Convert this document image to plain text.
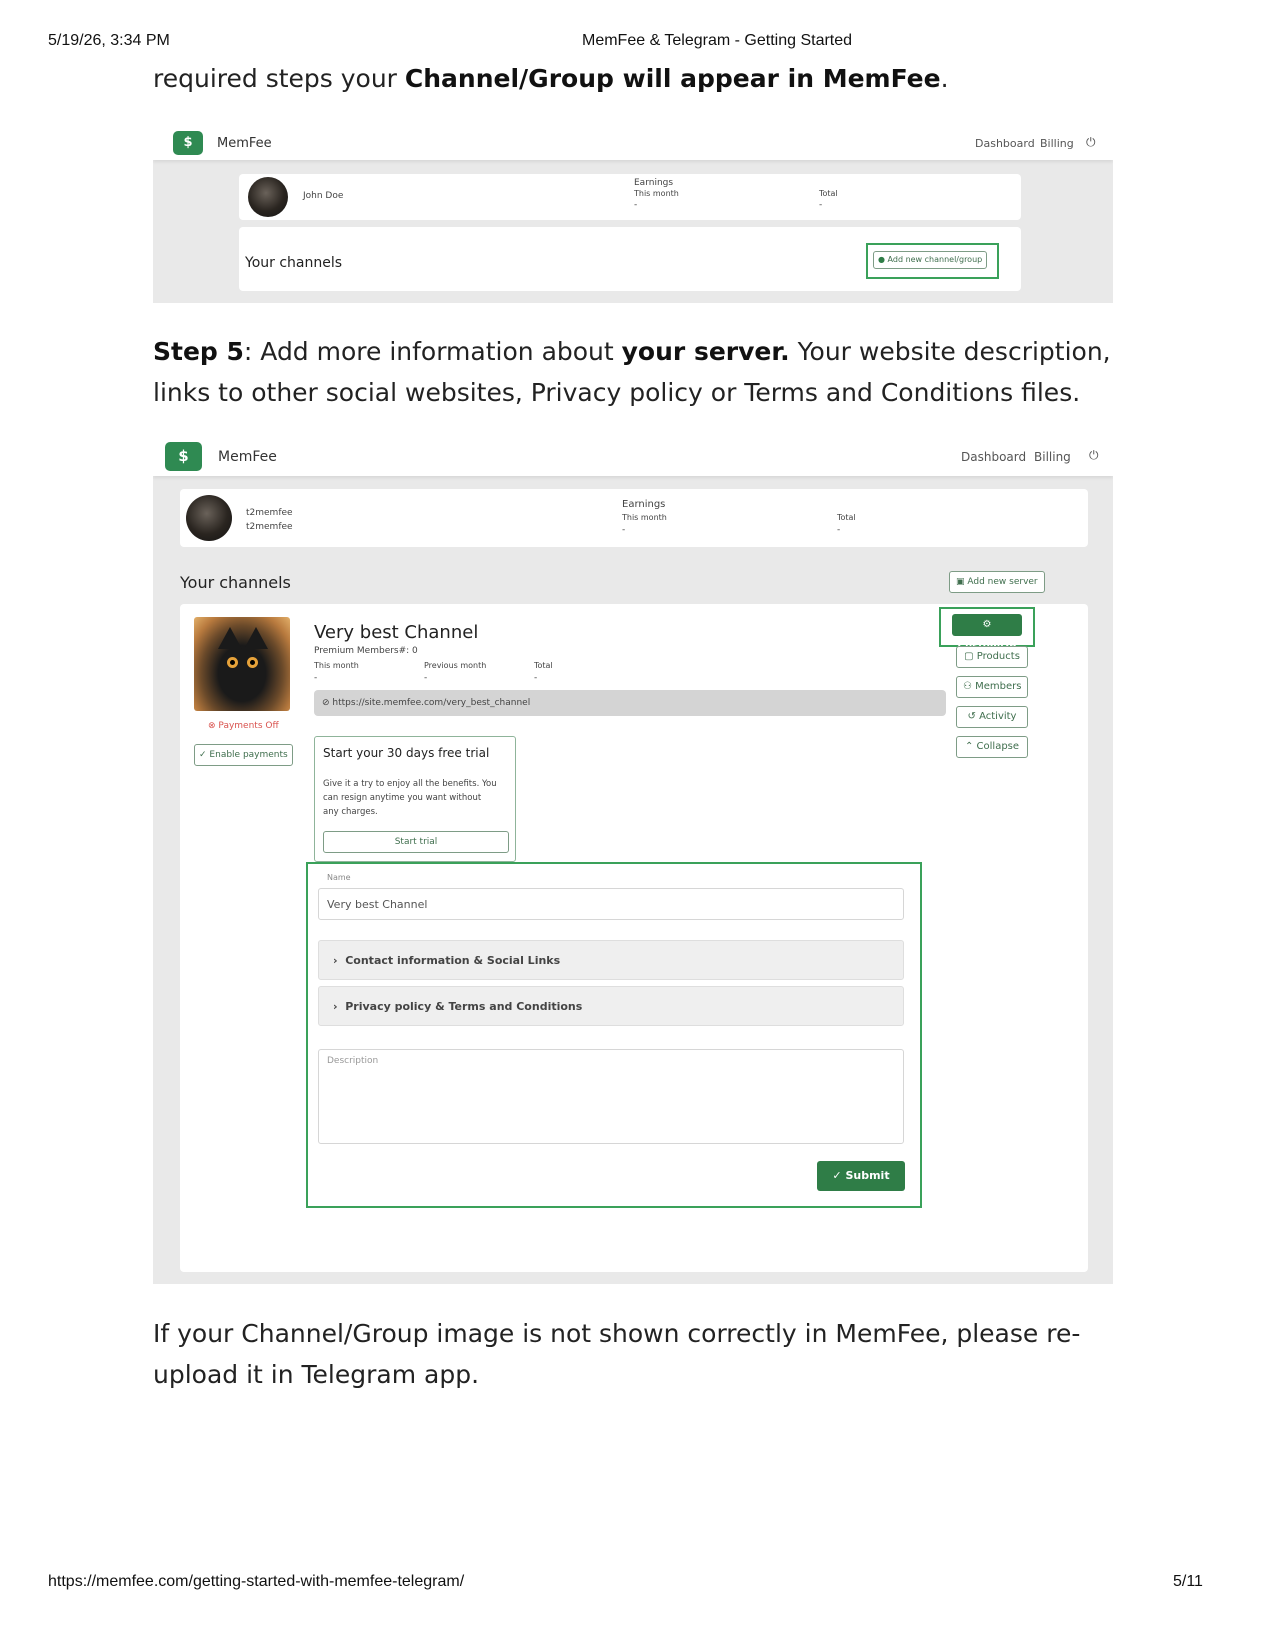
5/19/26, 3:34 PM	MemFee & Telegram - Getting Started
required steps your Channel/Group will appear in MemFee.
$	MemFee	Dashboard Billing ⏻
John Doe
Earnings
This month
-
Total
-
Your channels	● Add new channel/group
Step 5: Add more information about your server. Your website description,
links to other social websites, Privacy policy or Terms and Conditions files.
$	MemFee	Dashboard Billing ⏻
t2memfee
t2memfee
Earnings
This month
-
Total
-
Your channels	▣ Add new server
⊗ Payments Off
✓ Enable payments
Very best Channel
Premium Members#: 0
This month	Previous month	Total
-	-	-
⊘ https://site.memfee.com/very_best_channel
⚙
▢ Products
⚇ Members
↺ Activity
⌃ Collapse
Start your 30 days free trial
Give it a try to enjoy all the benefits. You
can resign anytime you want without
any charges.
Start trial
Name
Very best Channel
› Contact information & Social Links
› Privacy policy & Terms and Conditions
Description
✓ Submit
If your Channel/Group image is not shown correctly in MemFee, please re-
upload it in Telegram app.
https://memfee.com/getting-started-with-memfee-telegram/	5/11
